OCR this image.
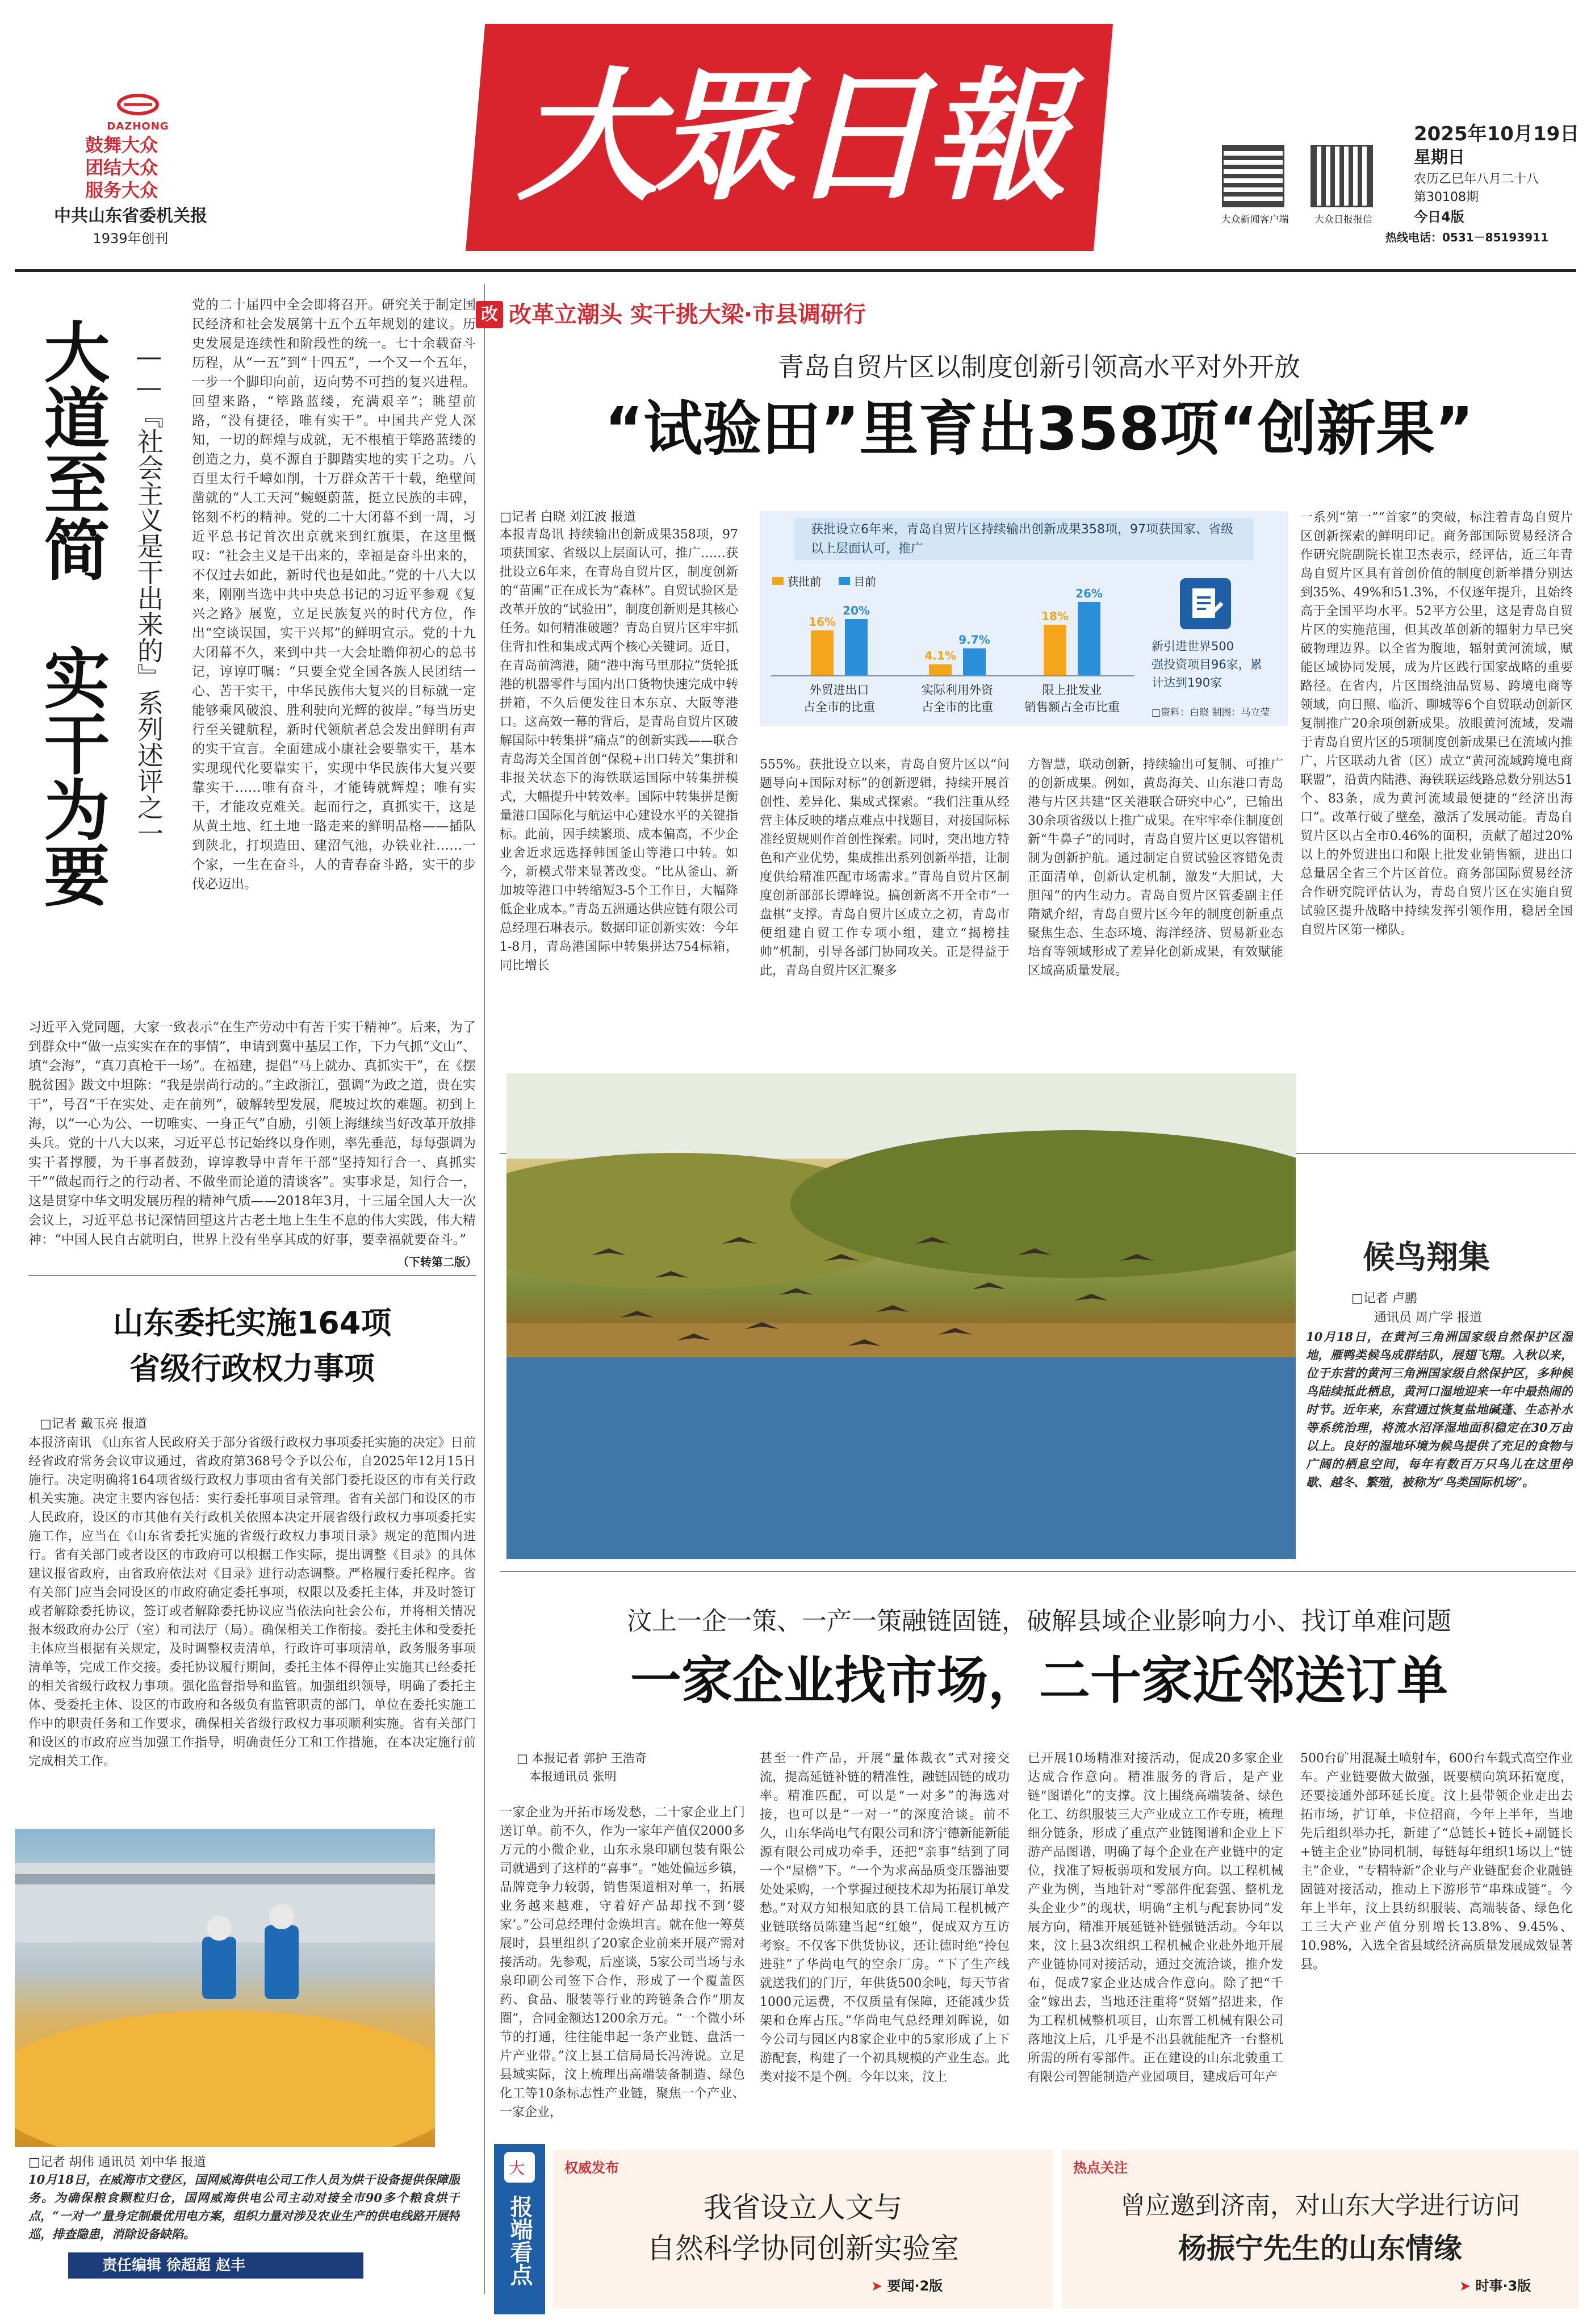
DAZHONG
鼓舞大众
团结大众
服务大众
中共山东省委机关报
1939年创刊
大眾日報	大众新闻客户端	大众日报报信
2025年10月19日
星期日
农历乙巳年八月二十八
第30108期
今日4版
热线电话：0531－85193911
大道至简实干为要 ——『社会主义是干出来的』系列述评之一
党的二十届四中全会即将召开。研究关于制定国民经济和社会发展第十五个五年规划的建议。历史发展是连续性和阶段性的统一。七十余载奋斗历程，从“一五”到“十四五”，一个又一个五年，一步一个脚印向前，迈向势不可挡的复兴进程。回望来路，“筚路蓝缕，充满艰辛”；眺望前路，“没有捷径，唯有实干”。中国共产党人深知，一切的辉煌与成就，无不根植于筚路蓝缕的创造之力，莫不源自于脚踏实地的实干之功。八百里太行千嶂如削，十万群众苦干十载，绝壁间凿就的“人工天河”蜿蜒蔚蓝，挺立民族的丰碑，铭刻不朽的精神。党的二十大闭幕不到一周，习近平总书记首次出京就来到红旗渠，在这里慨叹：“社会主义是干出来的，幸福是奋斗出来的，不仅过去如此，新时代也是如此。”党的十八大以来，刚刚当选中共中央总书记的习近平参观《复兴之路》展览，立足民族复兴的时代方位，作出“空谈误国，实干兴邦”的鲜明宣示。党的十九大闭幕不久，来到中共一大会址瞻仰初心的总书记，谆谆叮嘱：“只要全党全国各族人民团结一心、苦干实干，中华民族伟大复兴的目标就一定能够乘风破浪、胜利驶向光辉的彼岸。”每当历史行至关键航程，新时代领航者总会发出鲜明有声的实干宣言。全面建成小康社会要靠实干，基本实现现代化要靠实干，实现中华民族伟大复兴要靠实干……唯有奋斗，才能铸就辉煌；唯有实干，才能攻克难关。起而行之，真抓实干，这是从黄土地、红土地一路走来的鲜明品格——插队到陕北，打坝造田、建沼气池，办铁业社……一个家，一生在奋斗，人的青春奋斗路，实干的步伐必迈出。
习近平入党同题，大家一致表示“在生产劳动中有苦干实干精神”。后来，为了到群众中“做一点实实在在的事情”，申请到冀中基层工作，下力气抓“文山”、填“会海”，“真刀真枪干一场”。在福建，提倡“马上就办、真抓实干”，在《摆脱贫困》跋文中坦陈：“我是崇尚行动的。”主政浙江，强调“为政之道，贵在实干”，号召“干在实处、走在前列”，破解转型发展，爬坡过坎的难题。初到上海，以“一心为公、一切唯实、一身正气”自励，引领上海继续当好改革开放排头兵。党的十八大以来，习近平总书记始终以身作则，率先垂范，每每强调为实干者撑腰，为干事者鼓劲，谆谆教导中青年干部“坚持知行合一、真抓实干”“做起而行之的行动者、不做坐而论道的清谈客”。实事求是，知行合一，这是贯穿中华文明发展历程的精神气质——2018年3月，十三届全国人大一次会议上，习近平总书记深情回望这片古老土地上生生不息的伟大实践，伟大精神：“中国人民自古就明白，世界上没有坐享其成的好事，要幸福就要奋斗。”
（下转第二版）
山东委托实施164项
省级行政权力事项
□记者 戴玉亮 报道
本报济南讯 《山东省人民政府关于部分省级行政权力事项委托实施的决定》日前经省政府常务会议审议通过，省政府第368号令予以公布，自2025年12月15日施行。决定明确将164项省级行政权力事项由省有关部门委托设区的市有关行政机关实施。决定主要内容包括：实行委托事项目录管理。省有关部门和设区的市人民政府，设区的市其他有关行政机关依照本决定开展省级行政权力事项委托实施工作，应当在《山东省委托实施的省级行政权力事项目录》规定的范围内进行。省有关部门或者设区的市政府可以根据工作实际，提出调整《目录》的具体建议报省政府，由省政府依法对《目录》进行动态调整。严格履行委托程序。省有关部门应当会同设区的市政府确定委托事项，权限以及委托主体，并及时签订或者解除委托协议，签订或者解除委托协议应当依法向社会公布，并将相关情况报本级政府办公厅（室）和司法厅（局）。确保相关工作衔接。委托主体和受委托主体应当根据有关规定，及时调整权责清单，行政许可事项清单，政务服务事项清单等，完成工作交接。委托协议履行期间，委托主体不得停止实施其已经委托的相关省级行政权力事项。强化监督指导和监管。加强组织领导，明确了委托主体、受委托主体、设区的市政府和各级负有监管职责的部门，单位在委托实施工作中的职责任务和工作要求，确保相关省级行政权力事项顺利实施。省有关部门和设区的市政府应当加强工作指导，明确责任分工和工作措施，在本决定施行前完成相关工作。
□记者 胡伟 通讯员 刘中华 报道
10月18日，在威海市文登区，国网威海供电公司工作人员为烘干设备提供保障服务。为确保粮食颗粒归仓，国网威海供电公司主动对接全市90多个粮食烘干点，“一对一”量身定制最优用电方案，组织力量对涉及农业生产的供电线路开展特巡，排查隐患，消除设备缺陷。
责任编辑 徐超超 赵丰
改 改革立潮头 实干挑大梁·市县调研行
青岛自贸片区以制度创新引领高水平对外开放
“试验田”里育出358项“创新果”
□记者 白晓 刘江波 报道
本报青岛讯 持续输出创新成果358项，97项获国家、省级以上层面认可，推广……获批设立6年来，在青岛自贸片区，制度创新的“苗圃”正在成长为“森林”。自贸试验区是改革开放的“试验田”，制度创新则是其核心任务。如何精准破题？青岛自贸片区牢牢抓住背扣性和集成式两个核心关键词。近日，在青岛前湾港，随“港中海马里那拉”货轮抵港的机器零件与国内出口货物快速完成中转拼箱，不久后便发往日本东京、大阪等港口。这高效一幕的背后，是青岛自贸片区破解国际中转集拼“痛点”的创新实践——联合青岛海关全国首创“保税+出口转关”集拼和非报关状态下的海铁联运国际中转集拼模式，大幅提升中转效率。国际中转集拼是衡量港口国际化与航运中心建设水平的关键指标。此前，因手续繁琐、成本偏高，不少企业舍近求远选择韩国釜山等港口中转。如今，新模式带来显著改变。“比从釜山、新加坡等港口中转缩短3-5个工作日，大幅降低企业成本。”青岛五洲通达供应链有限公司总经理石琳表示。数据印证创新实效：今年1-8月，青岛港国际中转集拼达754标箱，同比增长
获批设立6年来，青岛自贸片区持续输出创新成果358项，97项获国家、省级以上层面认可，推广
获批前	目前
16%
20%
4.1%
9.7%
18%
26%
外贸进出口
占全市的比重
实际利用外资
占全市的比重
限上批发业
销售额占全市比重
新引进世界500
强投资项目96家，累
计达到190家
□资料：白晓 制图：马立莹
555%。获批设立以来，青岛自贸片区以“问题导向+国际对标”的创新逻辑，持续开展首创性、差异化、集成式探索。“我们注重从经营主体反映的堵点难点中找题目，对接国际标准经贸规则作首创性探索。同时，突出地方特色和产业优势，集成推出系列创新举措，让制度供给精准匹配市场需求。”青岛自贸片区制度创新部部长谭峰说。搞创新离不开全市“一盘棋”支撑。青岛自贸片区成立之初，青岛市便组建自贸工作专项小组，建立“揭榜挂帅”机制，引导各部门协同攻关。正是得益于此，青岛自贸片区汇聚多
方智慧，联动创新，持续输出可复制、可推广的创新成果。例如，黄岛海关、山东港口青岛港与片区共建“区关港联合研究中心”，已输出30余项省级以上推广成果。在牢牢牵住制度创新“牛鼻子”的同时，青岛自贸片区更以容错机制为创新护航。通过制定自贸试验区容错免责正面清单，创新认定机制，激发“大胆试，大胆闯”的内生动力。青岛自贸片区管委副主任隋斌介绍，青岛自贸片区今年的制度创新重点聚焦生态、生态环境、海洋经济、贸易新业态培育等领域形成了差异化创新成果，有效赋能区域高质量发展。
一系列“第一”“首家”的突破，标注着青岛自贸片区创新探索的鲜明印记。商务部国际贸易经济合作研究院副院长崔卫杰表示，经评估，近三年青岛自贸片区具有首创价值的制度创新举措分别达到35%、49%和51.3%，不仅逐年提升，且始终高于全国平均水平。52平方公里，这是青岛自贸片区的实施范围，但其改革创新的辐射力早已突破物理边界。以全省为腹地，辐射黄河流域，赋能区域协同发展，成为片区践行国家战略的重要路径。在省内，片区围绕油品贸易、跨境电商等领域，向日照、临沂、聊城等6个自贸联动创新区复制推广20余项创新成果。放眼黄河流域，发端于青岛自贸片区的5项制度创新成果已在流域内推广，片区联动九省（区）成立“黄河流域跨境电商联盟”，沿黄内陆港、海铁联运线路总数分别达51个、83条，成为黄河流域最便捷的“经济出海口”。改革行破了壁垒，激活了发展动能。青岛自贸片区以占全市0.46%的面积，贡献了超过20%以上的外贸进出口和限上批发业销售额，进出口总量居全省三个片区首位。商务部国际贸易经济合作研究院评估认为，青岛自贸片区在实施自贸试验区提升战略中持续发挥引领作用，稳居全国自贸片区第一梯队。
候鸟翔集
□记者 卢鹏
通讯员 周广学 报道
10月18日，在黄河三角洲国家级自然保护区湿地，雁鸭类候鸟成群结队，展翅飞翔。入秋以来，位于东营的黄河三角洲国家级自然保护区，多种候鸟陆续抵此栖息，黄河口湿地迎来一年中最热闹的时节。近年来，东营通过恢复盐地碱蓬、生态补水等系统治理，将流水沼泽湿地面积稳定在30万亩以上。良好的湿地环境为候鸟提供了充足的食物与广阔的栖息空间，每年有数百万只鸟儿在这里停歇、越冬、繁殖，被称为“鸟类国际机场”。
汶上一企一策、一产一策融链固链，破解县域企业影响力小、找订单难问题
一家企业找市场，二十家近邻送订单
□ 本报记者 郭护 王浩奇
本报通讯员 张明
一家企业为开拓市场发愁，二十家企业上门送订单。前不久，作为一家年产值仅2000多万元的小微企业，山东永泉印刷包装有限公司就遇到了这样的“喜事”。“她处偏远乡镇，品牌竞争力较弱，销售渠道相对单一，拓展业务越来越难，守着好产品却找不到‘婆家’。”公司总经理付金焕坦言。就在他一筹莫展时，县里组织了20家企业前来开展产需对接活动。先参观，后座谈，5家公司当场与永泉印刷公司签下合作，形成了一个覆盖医药、食品、服装等行业的跨链条合作“朋友圈”，合同金额达1200余万元。“一个微小环节的打通，往往能串起一条产业链、盘活一片产业带。”汶上县工信局局长冯涛说。立足县域实际，汶上梳理出高端装备制造、绿色化工等10条标志性产业链，聚焦一个产业、一家企业，
甚至一件产品，开展“量体裁衣”式对接交流，提高延链补链的精准性，融链固链的成功率。精准匹配，可以是“一对多”的海选对接，也可以是“一对一”的深度洽谈。前不久，山东华尚电气有限公司和济宁德新能新能源有限公司成功牵手，还把“亲事”结到了同一个“屋檐”下。“一个为求高品质变压器油要处处采购，一个掌握过硬技术却为拓展订单发愁。”对双方知根知底的县工信局工程机械产业链联络员陈建当起“红娘”，促成双方互访考察。不仅客下供货协议，还让德时绝“拎包进驻”了华尚电气的空余厂房。“下了生产线就送我们的门厅，年供货500余吨，每天节省1000元运费，不仅质量有保障，还能减少货架和仓库占压。”华尚电气总经理刘晖说，如今公司与园区内8家企业中的5家形成了上下游配套，构建了一个初具规模的产业生态。此类对接不是个例。今年以来，汶上
已开展10场精准对接活动，促成20多家企业达成合作意向。精准服务的背后，是产业链“图谱化”的支撑。汶上围绕高端装备、绿色化工、纺织服装三大产业成立工作专班，梳理细分链条，形成了重点产业链图谱和企业上下游产品图谱，明确了每个企业在产业链中的定位，找准了短板弱项和发展方向。以工程机械产业为例，当地针对“零部件配套强、整机龙头企业少”的现状，明确“主机与配套协同”发展方向，精准开展延链补链强链活动。今年以来，汶上县3次组织工程机械企业赴外地开展产业链协同对接活动，通过交流洽谈，推介发布，促成7家企业达成合作意向。除了把“千金”嫁出去，当地还注重将“贤婿”招进来，作为工程机械整机项目，山东晋工机械有限公司落地汶上后，几乎是不出县就能配齐一台整机所需的所有零部件。正在建设的山东北骏重工有限公司智能制造产业园项目，建成后可年产
500台矿用混凝土喷射车，600台车载式高空作业车。产业链要做大做强，既要横向筑环拓宽度，还要接通外部环延长度。汶上县带领企业走出去拓市场，扩订单，卡位招商，今年上半年，当地先后组织举办托，新建了“总链长+链长+副链长+链主企业”协同机制，每链每年组织1场以上“链主”企业，“专精特新”企业与产业链配套企业融链固链对接活动，推动上下游形节“串珠成链”。今年上半年，汶上县纺织服装、高端装备、绿色化工三大产业产值分别增长13.8%、9.45%、10.98%，入选全省县域经济高质量发展成效显著县。
大
报端看点
权威发布
我省设立人文与
自然科学协同创新实验室
➤ 要闻·2版
热点关注
曾应邀到济南，对山东大学进行访问
杨振宁先生的山东情缘
➤ 时事·3版
